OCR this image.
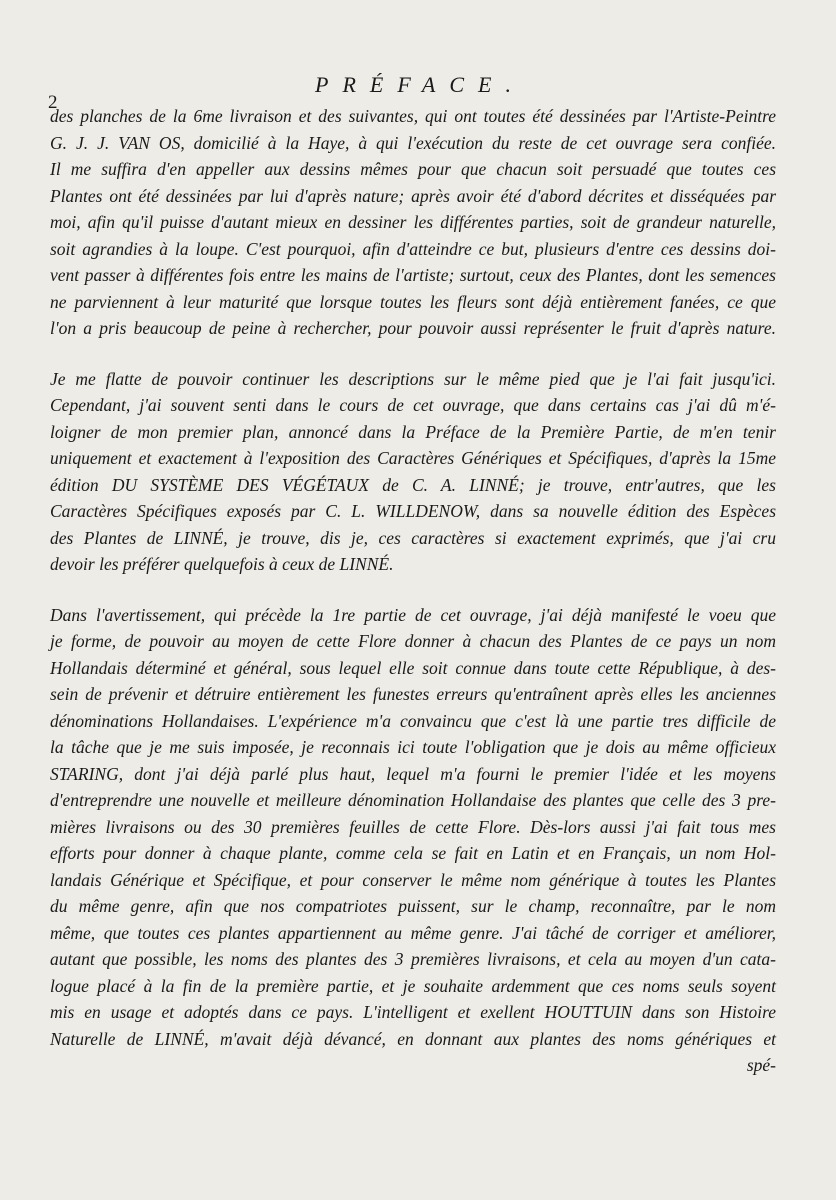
2
PRÉFACE.

des planches de la 6me livraison et des suivantes, qui ont toutes été dessinées par l'Artiste-Peintre
G. J. J. VAN OS, domicilié à la Haye, à qui l'exécution du reste de cet ouvrage sera confiée.
Il me suffira d'en appeller aux dessins mêmes pour que chacun soit persuadé que toutes ces
Plantes ont été dessinées par lui d'après nature; après avoir été d'abord décrites et disséquées par
moi, afin qu'il puisse d'autant mieux en dessiner les différentes parties, soit de grandeur naturelle,
soit agrandies à la loupe. C'est pourquoi, afin d'atteindre ce but, plusieurs d'entre ces dessins doi-
vent passer à différentes fois entre les mains de l'artiste; surtout, ceux des Plantes, dont les semences
ne parviennent à leur maturité que lorsque toutes les fleurs sont déjà entièrement fanées, ce que
l'on a pris beaucoup de peine à rechercher, pour pouvoir aussi représenter le fruit d'après nature.

Je me flatte de pouvoir continuer les descriptions sur le même pied que je l'ai fait jusqu'ici.
Cependant, j'ai souvent senti dans le cours de cet ouvrage, que dans certains cas j'ai dû m'é-
loigner de mon premier plan, annoncé dans la Préface de la Première Partie, de m'en tenir
uniquement et exactement à l'exposition des Caractères Génériques et Spécifiques, d'après la 15me
édition DU SYSTÈME DES VÉGÉTAUX de C. A. LINNÉ; je trouve, entr'autres, que les
Caractères Spécifiques exposés par C. L. WILLDENOW, dans sa nouvelle édition des Espèces
des Plantes de LINNÉ, je trouve, dis je, ces caractères si exactement exprimés, que j'ai cru
devoir les préférer quelquefois à ceux de LINNÉ.

Dans l'avertissement, qui précède la 1re partie de cet ouvrage, j'ai déjà manifesté le voeu que
je forme, de pouvoir au moyen de cette Flore donner à chacun des Plantes de ce pays un nom
Hollandais déterminé et général, sous lequel elle soit connue dans toute cette République, à des-
sein de prévenir et détruire entièrement les funestes erreurs qu'entraînent après elles les anciennes
dénominations Hollandaises. L'expérience m'a convaincu que c'est là une partie tres difficile de
la tâche que je me suis imposée, je reconnais ici toute l'obligation que je dois au même officieux
STARING, dont j'ai déjà parlé plus haut, lequel m'a fourni le premier l'idée et les moyens
d'entreprendre une nouvelle et meilleure dénomination Hollandaise des plantes que celle des 3 pre-
mières livraisons ou des 30 premières feuilles de cette Flore. Dès-lors aussi j'ai fait tous mes
efforts pour donner à chaque plante, comme cela se fait en Latin et en Français, un nom Hol-
landais Générique et Spécifique, et pour conserver le même nom générique à toutes les Plantes
du même genre, afin que nos compatriotes puissent, sur le champ, reconnaître, par le nom
même, que toutes ces plantes appartiennent au même genre. J'ai tâché de corriger et améliorer,
autant que possible, les noms des plantes des 3 premières livraisons, et cela au moyen d'un cata-
logue placé à la fin de la première partie, et je souhaite ardemment que ces noms seuls soyent
mis en usage et adoptés dans ce pays. L'intelligent et exellent HOUTTUIN dans son Histoire
Naturelle de LINNÉ, m'avait déjà dévancé, en donnant aux plantes des noms génériques et
spé-
